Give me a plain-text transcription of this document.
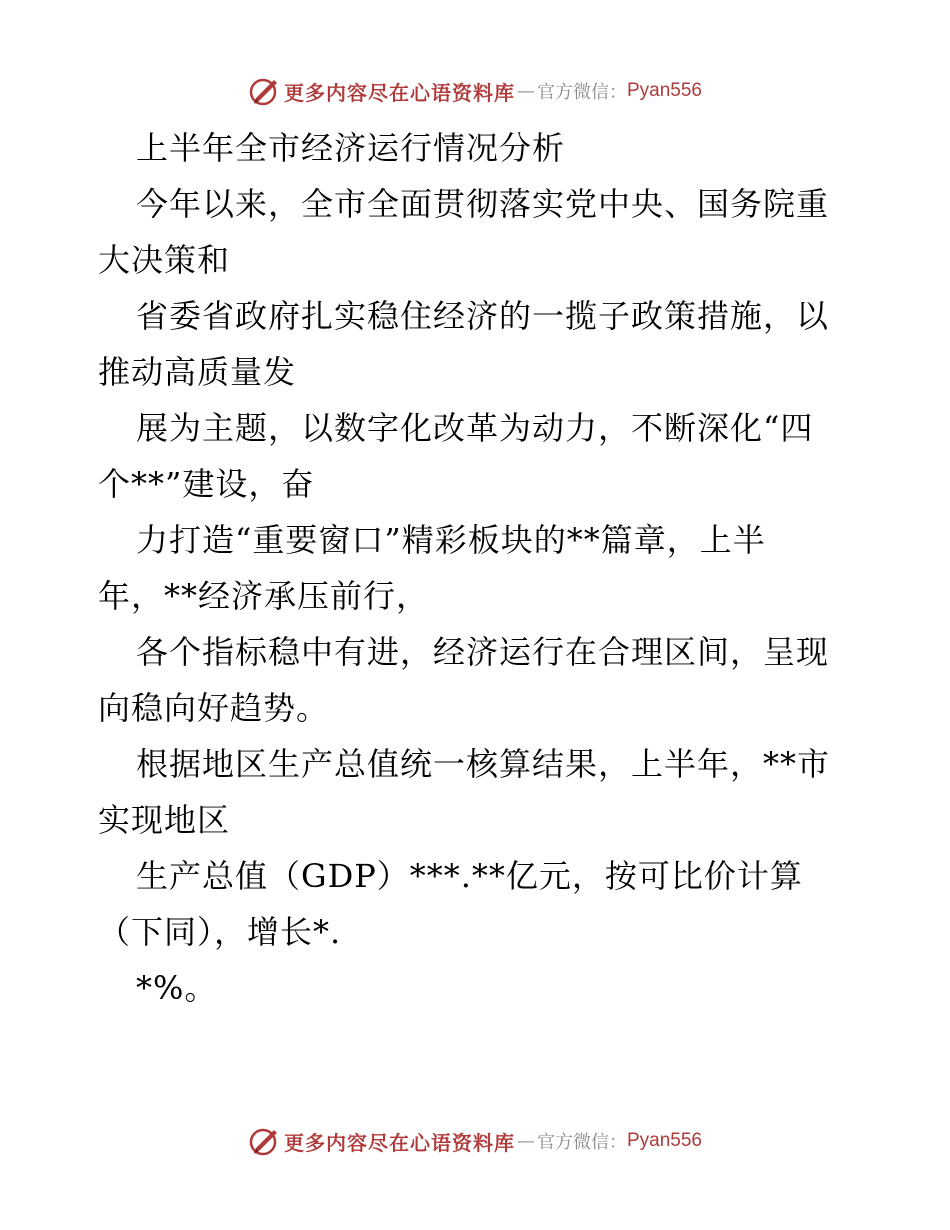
更多内容尽在心语资料库 — 官方微信： Pyan556
上半年全市经济运行情况分析
今年以来，全市全面贯彻落实党中央、国务院重
大决策和
省委省政府扎实稳住经济的一揽子政策措施，以
推动高质量发
展为主题，以数字化改革为动力，不断深化“四
个**”建设，奋
力打造“重要窗口”精彩板块的**篇章，上半
年，**经济承压前行，
各个指标稳中有进，经济运行在合理区间，呈现
向稳向好趋势。
根据地区生产总值统一核算结果，上半年，**市
实现地区
生产总值（GDP）***.**亿元，按可比价计算
（下同），增长*.
*%。
更多内容尽在心语资料库 — 官方微信： Pyan556
